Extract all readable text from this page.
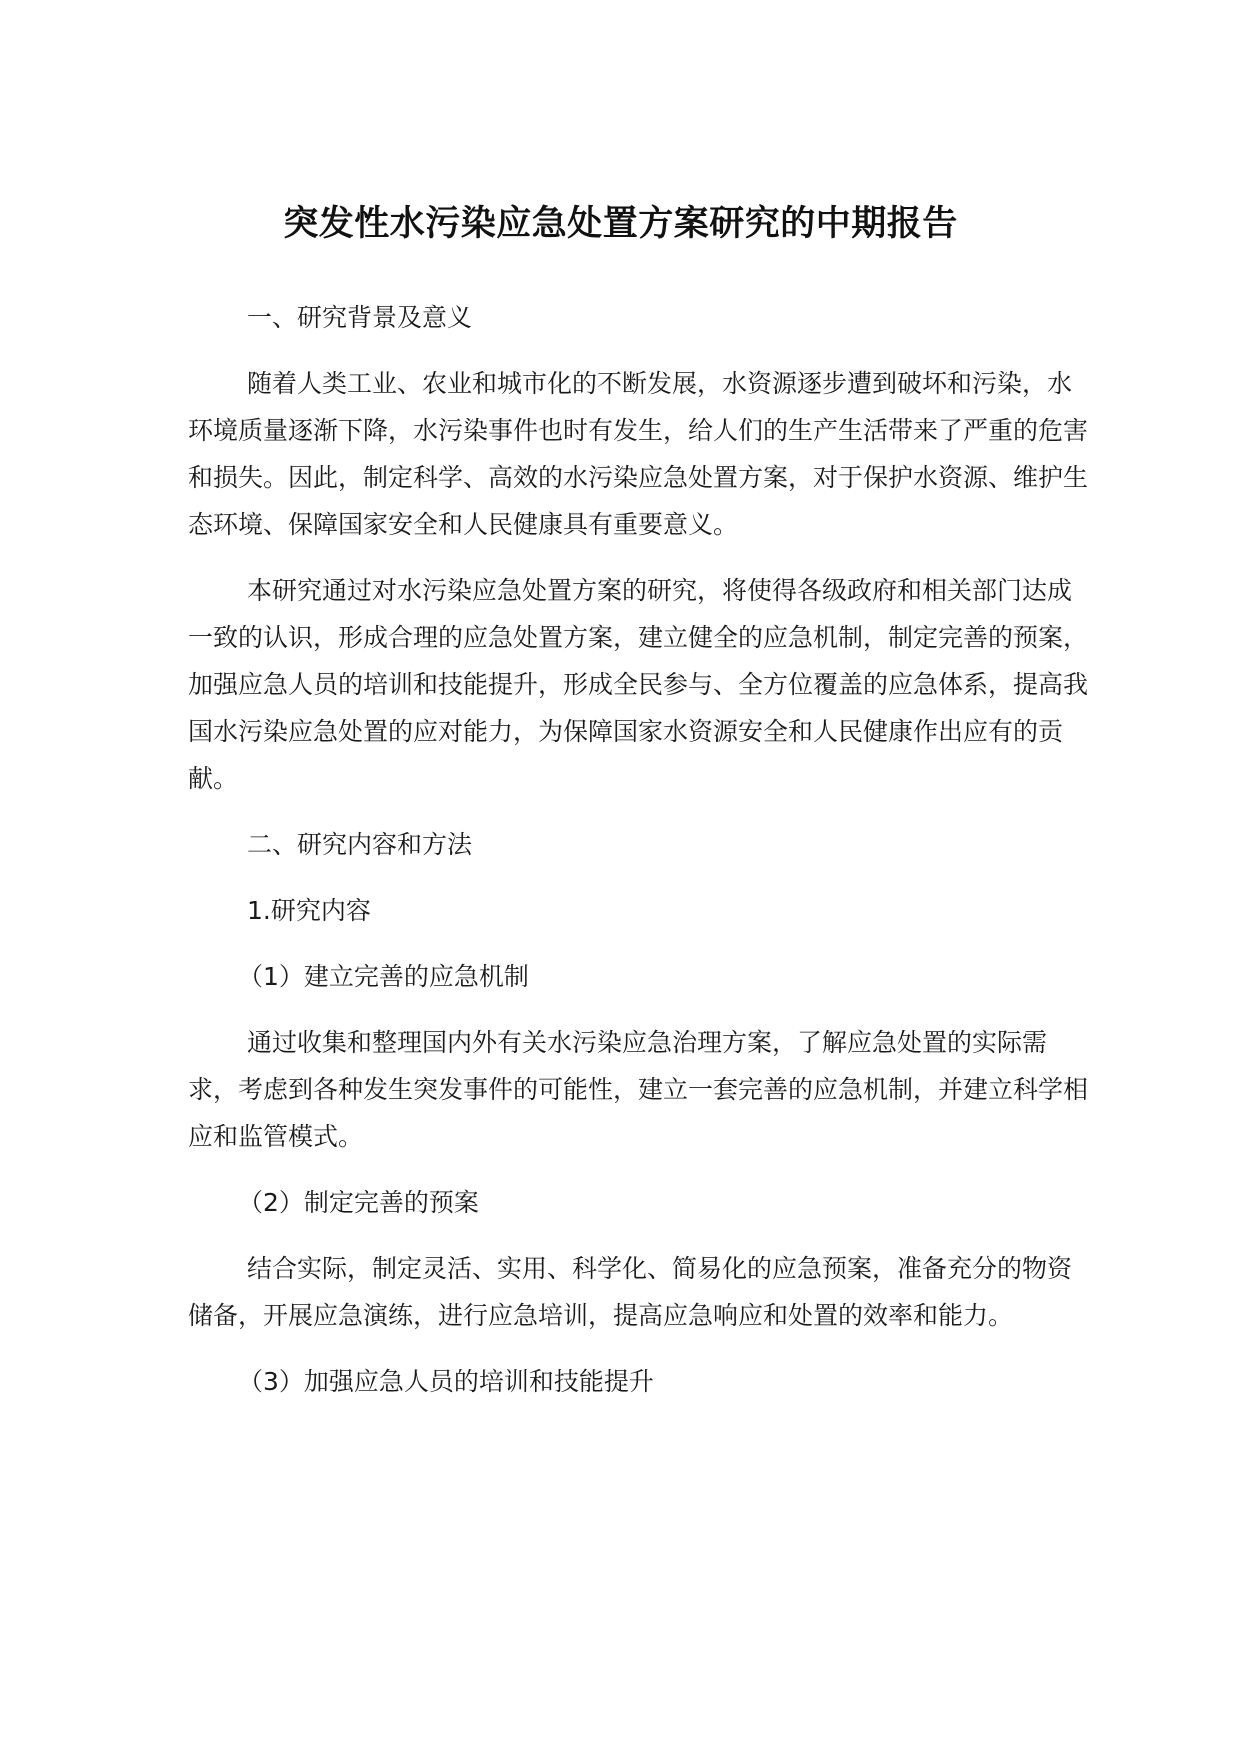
突发性水污染应急处置方案研究的中期报告

一、研究背景及意义

随着人类工业、农业和城市化的不断发展，水资源逐步遭到破坏和污染，水环境质量逐渐下降，水污染事件也时有发生，给人们的生产生活带来了严重的危害和损失。因此，制定科学、高效的水污染应急处置方案，对于保护水资源、维护生态环境、保障国家安全和人民健康具有重要意义。

本研究通过对水污染应急处置方案的研究，将使得各级政府和相关部门达成一致的认识，形成合理的应急处置方案，建立健全的应急机制，制定完善的预案，加强应急人员的培训和技能提升，形成全民参与、全方位覆盖的应急体系，提高我国水污染应急处置的应对能力，为保障国家水资源安全和人民健康作出应有的贡献。

二、研究内容和方法

1.研究内容

（1）建立完善的应急机制

通过收集和整理国内外有关水污染应急治理方案，了解应急处置的实际需求，考虑到各种发生突发事件的可能性，建立一套完善的应急机制，并建立科学相应和监管模式。

（2）制定完善的预案

结合实际，制定灵活、实用、科学化、简易化的应急预案，准备充分的物资储备，开展应急演练，进行应急培训，提高应急响应和处置的效率和能力。

（3）加强应急人员的培训和技能提升
